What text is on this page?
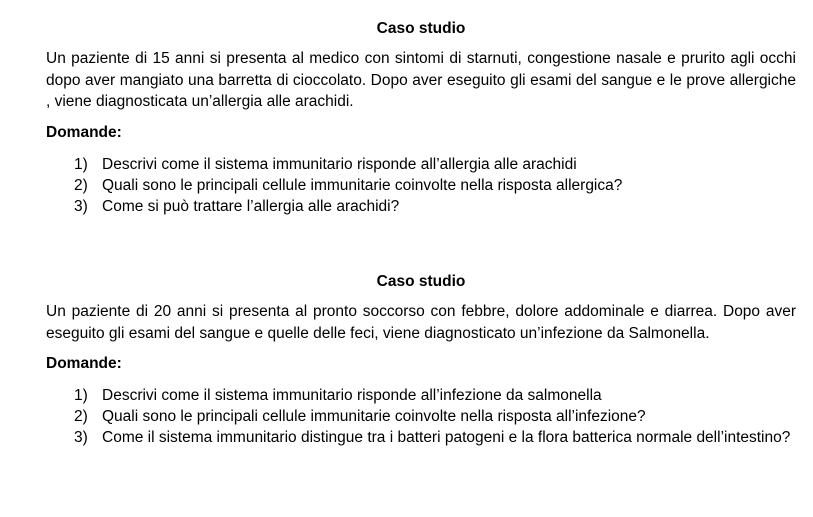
Caso studio

Un paziente di 15 anni si presenta al medico con sintomi di starnuti, congestione nasale e prurito agli occhi dopo aver mangiato una barretta di cioccolato. Dopo aver eseguito gli esami del sangue e le prove allergiche , viene diagnosticata un’allergia alle arachidi.

Domande:

1) Descrivi come il sistema immunitario risponde all’allergia alle arachidi
2) Quali sono le principali cellule immunitarie coinvolte nella risposta allergica?
3) Come si può trattare l’allergia alle arachidi?

Caso studio

Un paziente di 20 anni si presenta al pronto soccorso con febbre, dolore addominale e diarrea. Dopo aver eseguito gli esami del sangue e quelle delle feci, viene diagnosticato un’infezione da Salmonella.

Domande:

1) Descrivi come il sistema immunitario risponde all’infezione da salmonella
2) Quali sono le principali cellule immunitarie coinvolte nella risposta all’infezione?
3) Come il sistema immunitario distingue tra i batteri patogeni e la flora batterica normale dell’intestino?
